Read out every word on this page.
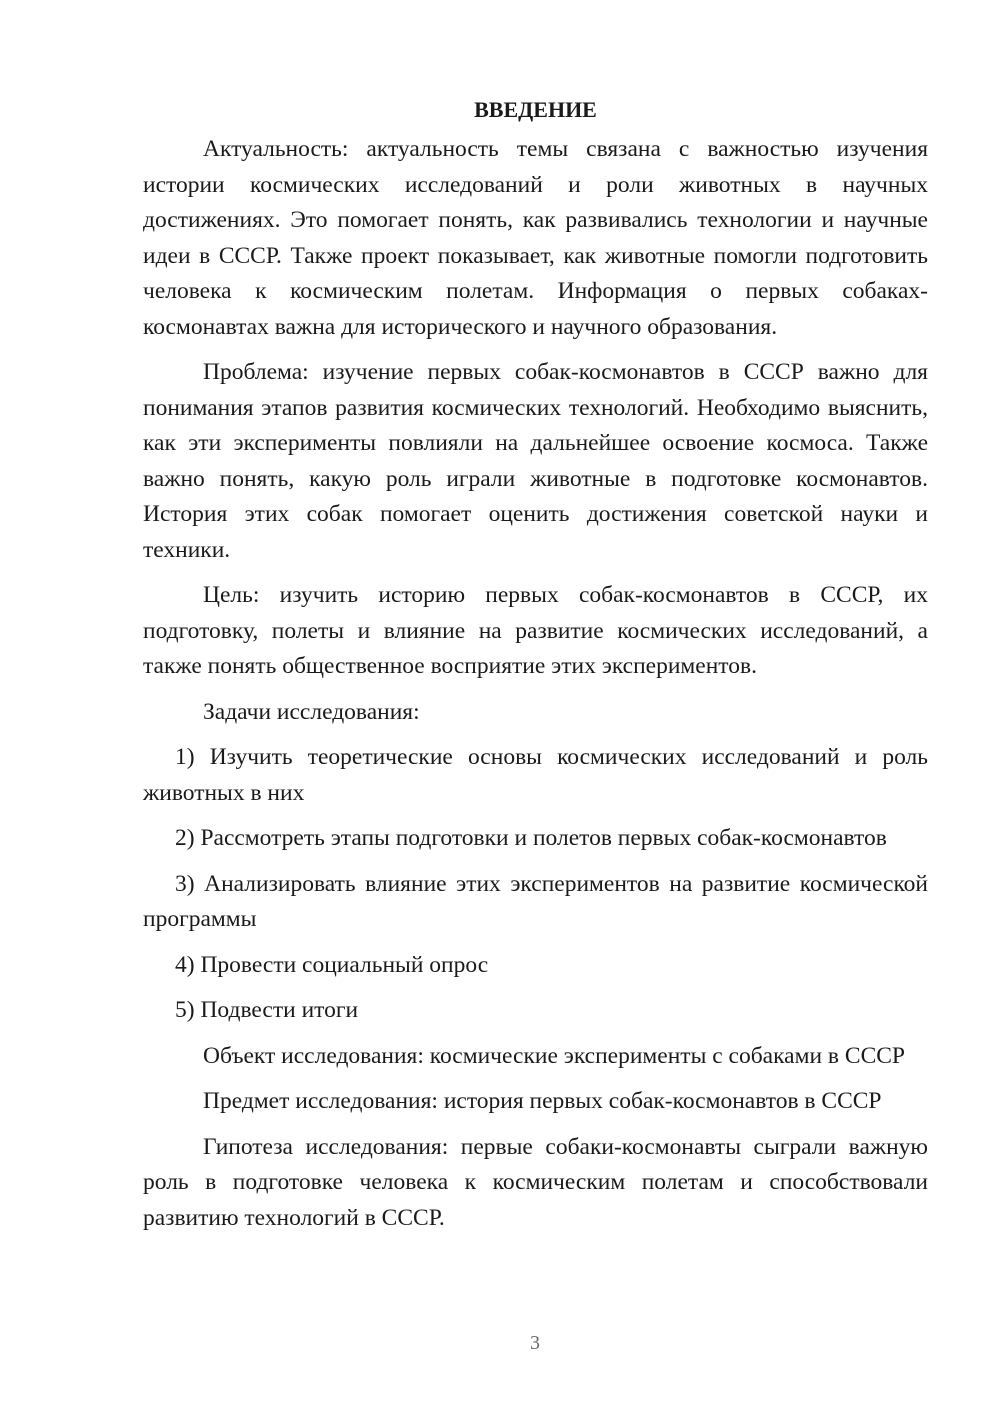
ВВЕДЕНИЕ

Актуальность: актуальность темы связана с важностью изучения истории космических исследований и роли животных в научных достижениях. Это помогает понять, как развивались технологии и научные идеи в СССР. Также проект показывает, как животные помогли подготовить человека к космическим полетам. Информация о первых собаках-космонавтах важна для исторического и научного образования.

Проблема: изучение первых собак-космонавтов в СССР важно для понимания этапов развития космических технологий. Необходимо выяснить, как эти эксперименты повлияли на дальнейшее освоение космоса. Также важно понять, какую роль играли животные в подготовке космонавтов. История этих собак помогает оценить достижения советской науки и техники.

Цель: изучить историю первых собак-космонавтов в СССР, их подготовку, полеты и влияние на развитие космических исследований, а также понять общественное восприятие этих экспериментов.

Задачи исследования:

1) Изучить теоретические основы космических исследований и роль животных в них

2) Рассмотреть этапы подготовки и полетов первых собак-космонавтов

3) Анализировать влияние этих экспериментов на развитие космической программы

4) Провести социальный опрос

5) Подвести итоги

Объект исследования: космические эксперименты с собаками в СССР

Предмет исследования: история первых собак-космонавтов в СССР

Гипотеза исследования: первые собаки-космонавты сыграли важную роль в подготовке человека к космическим полетам и способствовали развитию технологий в СССР.

3
